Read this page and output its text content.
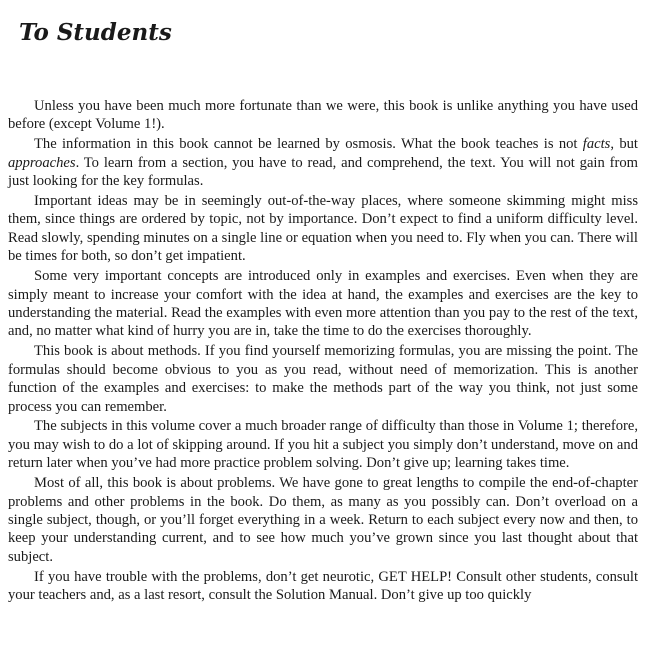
To Students

Unless you have been much more fortunate than we were, this book is unlike anything you have used before (except Volume 1!).

The information in this book cannot be learned by osmosis. What the book teaches is not facts, but approaches. To learn from a section, you have to read, and comprehend, the text. You will not gain from just looking for the key formulas.

Important ideas may be in seemingly out-of-the-way places, where someone skimming might miss them, since things are ordered by topic, not by importance. Don’t expect to find a uniform difficulty level. Read slowly, spending minutes on a single line or equation when you need to. Fly when you can. There will be times for both, so don’t get impatient.

Some very important concepts are introduced only in examples and exercises. Even when they are simply meant to increase your comfort with the idea at hand, the examples and exercises are the key to understanding the material. Read the examples with even more attention than you pay to the rest of the text, and, no matter what kind of hurry you are in, take the time to do the exercises thoroughly.

This book is about methods. If you find yourself memorizing formulas, you are missing the point. The formulas should become obvious to you as you read, without need of memorization. This is another function of the examples and exercises: to make the methods part of the way you think, not just some process you can remember.

The subjects in this volume cover a much broader range of difficulty than those in Volume 1; therefore, you may wish to do a lot of skipping around. If you hit a subject you simply don’t understand, move on and return later when you’ve had more practice problem solving. Don’t give up; learning takes time.

Most of all, this book is about problems. We have gone to great lengths to compile the end-of-chapter problems and other problems in the book. Do them, as many as you possibly can. Don’t overload on a single subject, though, or you’ll forget everything in a week. Return to each subject every now and then, to keep your understanding current, and to see how much you’ve grown since you last thought about that subject.

If you have trouble with the problems, don’t get neurotic, GET HELP! Consult other students, consult your teachers and, as a last resort, consult the Solution Manual. Don’t give up too quickly
